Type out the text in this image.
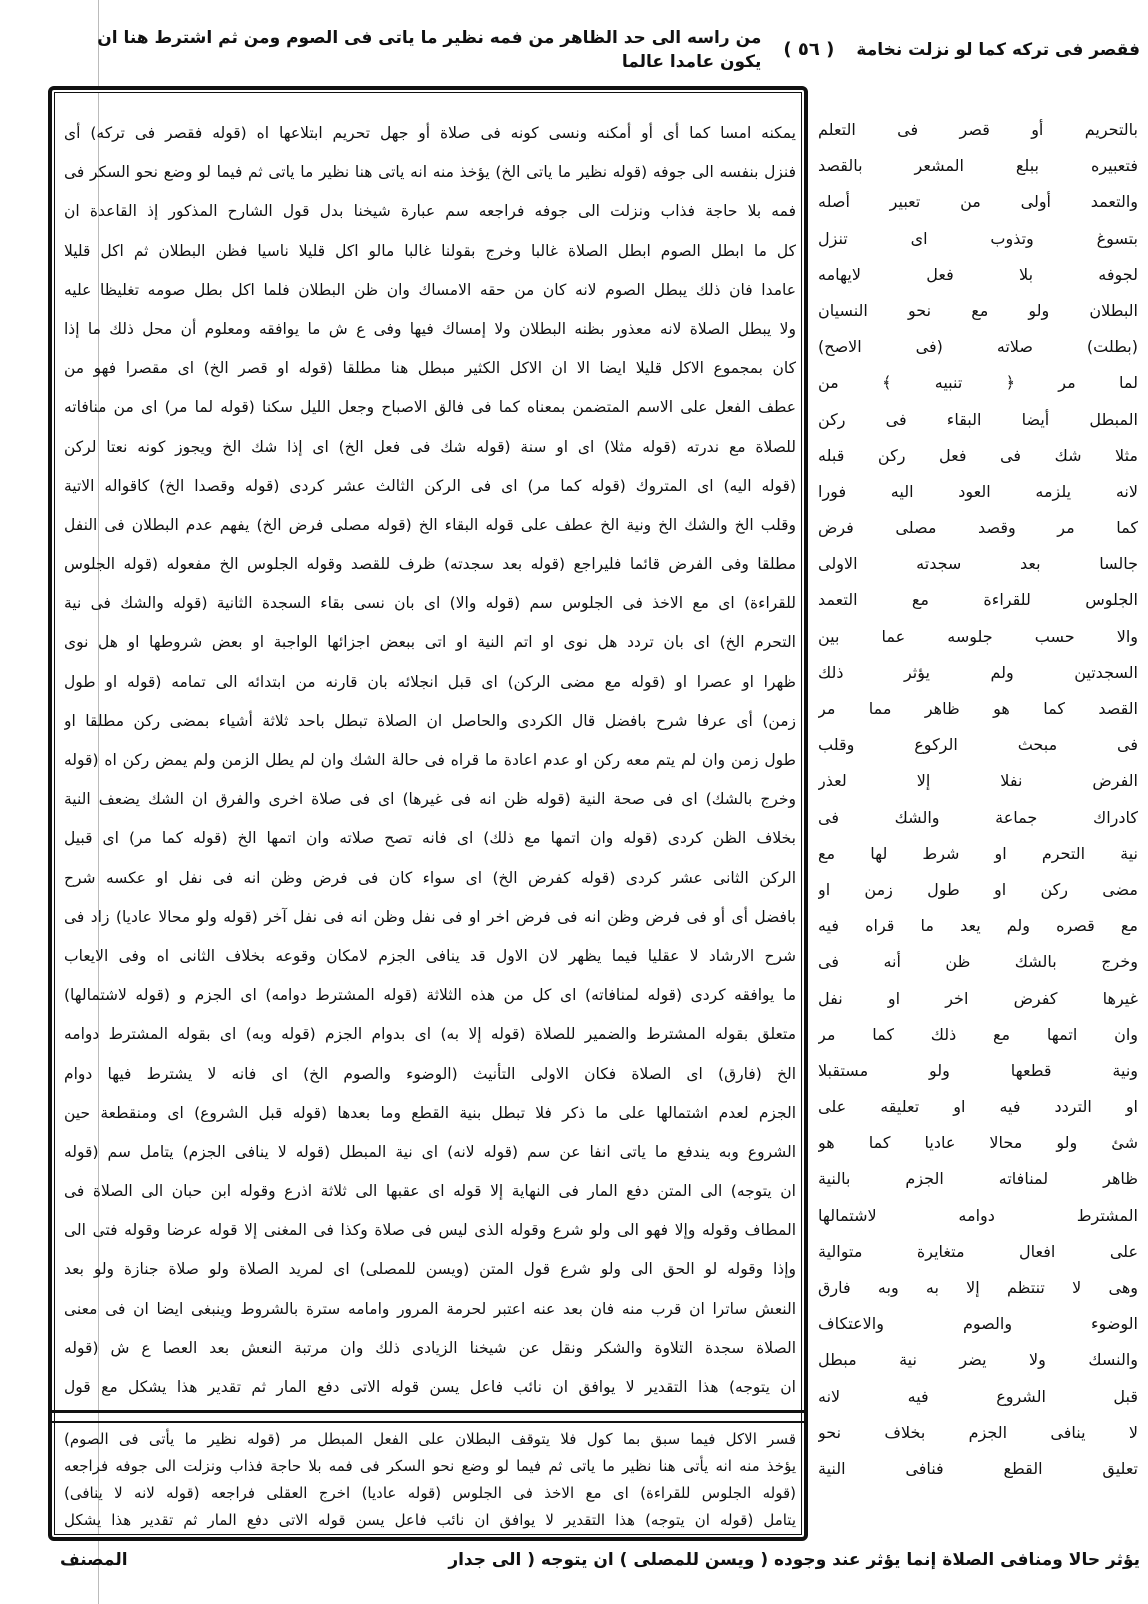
فقصر فى تركه كما لو نزلت نخامة
( ٥٦ )
من راسه الى حد الظاهر من فمه نظير ما ياتى فى الصوم ومن ثم اشترط هنا ان يكون عامدا عالما
يمكنه امسا كما أى أو أمكنه ونسى كونه فى صلاة أو جهل تحريم ابتلاعها اه (قوله فقصر فى تركه) أى
فنزل بنفسه الى جوفه (قوله نظير ما ياتى الخ) يؤخذ منه انه ياتى هنا نظير ما ياتى ثم فيما لو وضع نحو السكر فى
فمه بلا حاجة فذاب ونزلت الى جوفه فراجعه سم عبارة شيخنا بدل قول الشارح المذكور إذ القاعدة ان
كل ما ابطل الصوم ابطل الصلاة غالبا وخرج بقولنا غالبا مالو اكل قليلا ناسيا فظن البطلان ثم اكل قليلا
عامدا فان ذلك يبطل الصوم لانه كان من حقه الامساك وان ظن البطلان فلما اكل بطل صومه تغليظا عليه
ولا يبطل الصلاة لانه معذور بظنه البطلان ولا إمساك فيها وفى ع ش ما يوافقه ومعلوم أن محل ذلك ما إذا
كان بمجموع الاكل قليلا ايضا الا ان الاكل الكثير مبطل هنا مطلقا (قوله او قصر الخ) اى مقصرا فهو من
عطف الفعل على الاسم المتضمن بمعناه كما فى فالق الاصباح وجعل الليل سكنا (قوله لما مر) اى من منافاته
للصلاة مع ندرته (قوله مثلا) اى او سنة (قوله شك فى فعل الخ) اى إذا شك الخ ويجوز كونه نعتا لركن
(قوله اليه) اى المتروك (قوله كما مر) اى فى الركن الثالث عشر كردى (قوله وقصدا الخ) كاقواله الاتية
وقلب الخ والشك الخ ونية الخ عطف على قوله البقاء الخ (قوله مصلى فرض الخ) يفهم عدم البطلان فى النفل
مطلقا وفى الفرض قائما فليراجع (قوله بعد سجدته) ظرف للقصد وقوله الجلوس الخ مفعوله (قوله الجلوس
للقراءة) اى مع الاخذ فى الجلوس سم (قوله والا) اى بان نسى بقاء السجدة الثانية (قوله والشك فى نية
التحرم الخ) اى بان تردد هل نوى او اتم النية او اتى ببعض اجزائها الواجبة او بعض شروطها او هل نوى
ظهرا او عصرا او (قوله مع مضى الركن) اى قبل انجلائه بان قارنه من ابتدائه الى تمامه (قوله او طول
زمن) أى عرفا شرح بافضل قال الكردى والحاصل ان الصلاة تبطل باحد ثلاثة أشياء بمضى ركن مطلقا او
طول زمن وان لم يتم معه ركن او عدم اعادة ما قراه فى حالة الشك وان لم يطل الزمن ولم يمض ركن اه (قوله
وخرج بالشك) اى فى صحة النية (قوله ظن انه فى غيرها) اى فى صلاة اخرى والفرق ان الشك يضعف النية
بخلاف الظن كردى (قوله وان اتمها مع ذلك) اى فانه تصح صلاته وان اتمها الخ (قوله كما مر) اى قبيل
الركن الثانى عشر كردى (قوله كفرض الخ) اى سواء كان فى فرض وظن انه فى نفل او عكسه شرح
بافضل أى أو فى فرض وظن انه فى فرض اخر او فى نفل وظن انه فى نفل آخر (قوله ولو محالا عاديا) زاد فى
شرح الارشاد لا عقليا فيما يظهر لان الاول قد ينافى الجزم لامكان وقوعه بخلاف الثانى اه وفى الايعاب
ما يوافقه كردى (قوله لمنافاته) اى كل من هذه الثلاثة (قوله المشترط دوامه) اى الجزم و (قوله لاشتمالها)
متعلق بقوله المشترط والضمير للصلاة (قوله إلا به) اى بدوام الجزم (قوله وبه) اى بقوله المشترط دوامه
الخ (فارق) اى الصلاة فكان الاولى التأنيث (الوضوء والصوم الخ) اى فانه لا يشترط فيها دوام
الجزم لعدم اشتمالها على ما ذكر فلا تبطل بنية القطع وما بعدها (قوله قبل الشروع) اى ومنقطعة حين
الشروع وبه يندفع ما ياتى انفا عن سم (قوله لانه) اى نية المبطل (قوله لا ينافى الجزم) يتامل سم (قوله
ان يتوجه) الى المتن دفع المار فى النهاية إلا قوله اى عقبها الى ثلاثة اذرع وقوله ابن حبان الى الصلاة فى
المطاف وقوله وإلا فهو الى ولو شرع وقوله الذى ليس فى صلاة وكذا فى المغنى إلا قوله عرضا وقوله فتى الى
وإذا وقوله لو الحق الى ولو شرع قول المتن (ويسن للمصلى) اى لمريد الصلاة ولو صلاة جنازة ولو بعد
النعش ساترا ان قرب منه فان بعد عنه اعتبر لحرمة المرور وامامه سترة بالشروط وينبغى ايضا ان فى معنى
الصلاة سجدة التلاوة والشكر ونقل عن شيخنا الزيادى ذلك وان مرتبة النعش بعد العصا ع ش (قوله
ان يتوجه) هذا التقدير لا يوافق ان نائب فاعل يسن قوله الاتى دفع المار ثم تقدير هذا يشكل مع قول
قسر الاكل فيما سبق بما كول فلا يتوقف البطلان على الفعل المبطل مر (قوله نظير ما يأتى فى الصوم)
يؤخذ منه انه يأتى هنا نظير ما ياتى ثم فيما لو وضع نحو السكر فى فمه بلا حاجة فذاب ونزلت الى جوفه فراجعه
(قوله الجلوس للقراءة) اى مع الاخذ فى الجلوس (قوله عاديا) اخرج العقلى فراجعه (قوله لانه لا ينافى)
يتامل (قوله ان يتوجه) هذا التقدير لا يوافق ان نائب فاعل يسن قوله الاتى دفع المار ثم تقدير هذا يشكل
بالتحريم أو قصر فى التعلم
فتعبيره ببلع المشعر بالقصد
والتعمد أولى من تعبير أصله
بتسوغ وتذوب اى تنزل
لجوفه بلا فعل لايهامه
البطلان ولو مع نحو النسيان
(بطلت) صلاته (فى الاصح)
لما مر ﴿ تنبيه ﴾ من
المبطل أيضا البقاء فى ركن
مثلا شك فى فعل ركن قبله
لانه يلزمه العود اليه فورا
كما مر وقصد مصلى فرض
جالسا بعد سجدته الاولى
الجلوس للقراءة مع التعمد
والا حسب جلوسه عما بين
السجدتين ولم يؤثر ذلك
القصد كما هو ظاهر مما مر
فى مبحث الركوع وقلب
الفرض نفلا إلا لعذر
كادراك جماعة والشك فى
نية التحرم او شرط لها مع
مضى ركن او طول زمن او
مع قصره ولم يعد ما قراه فيه
وخرج بالشك ظن أنه فى
غيرها كفرض اخر او نفل
وان اتمها مع ذلك كما مر
ونية قطعها ولو مستقبلا
او التردد فيه او تعليقه على
شئ ولو محالا عاديا كما هو
ظاهر لمنافاته الجزم بالنية
المشترط دوامه لاشتمالها
على افعال متغايرة متوالية
وهى لا تنتظم إلا به وبه فارق
الوضوء والصوم والاعتكاف
والنسك ولا يضر نية مبطل
قبل الشروع فيه لانه
لا ينافى الجزم بخلاف نحو
تعليق القطع فنافى النية
يؤثر حالا ومنافى الصلاة إنما يؤثر عند وجوده ( ويسن للمصلى ) ان يتوجه ( الى جدار
المصنف
